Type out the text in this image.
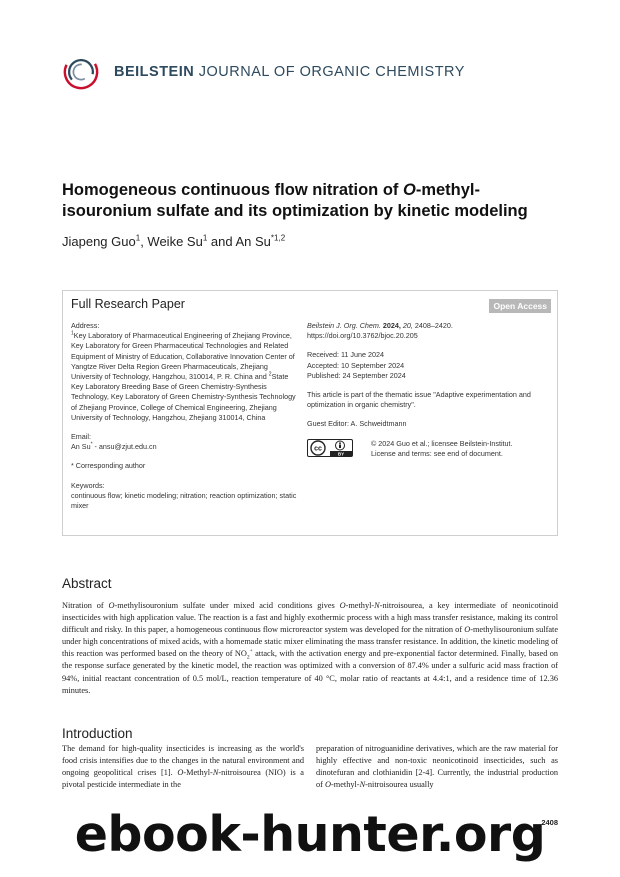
BEILSTEIN JOURNAL OF ORGANIC CHEMISTRY
Homogeneous continuous flow nitration of O-methyl-
isouronium sulfate and its optimization by kinetic modeling
Jiapeng Guo$^1$, Weike Su$^1$ and An Su$^{*1,2}$
Full Research Paper	Open Access

Address:
$^1$Key Laboratory of Pharmaceutical Engineering of Zhejiang Province, Key Laboratory for Green Pharmaceutical Technologies and Related Equipment of Ministry of Education, Collaborative Innovation Center of Yangtze River Delta Region Green Pharmaceuticals, Zhejiang University of Technology, Hangzhou, 310014, P. R. China and $^2$State Key Laboratory Breeding Base of Green Chemistry-Synthesis Technology, Key Laboratory of Green Chemistry-Synthesis Technology of Zhejiang Province, College of Chemical Engineering, Zhejiang University of Technology, Hangzhou, Zhejiang 310014, China

Email:
An Su* - ansu@zjut.edu.cn

* Corresponding author

Keywords:
continuous flow; kinetic modeling; nitration; reaction optimization; static mixer

Beilstein J. Org. Chem. 2024, 20, 2408–2420.
https://doi.org/10.3762/bjoc.20.205

Received: 11 June 2024
Accepted: 10 September 2024
Published: 24 September 2024

This article is part of the thematic issue "Adaptive experimentation and optimization in organic chemistry".

Guest Editor: A. Schweidtmann

cc
BY
© 2024 Guo et al.; licensee Beilstein-Institut.
License and terms: see end of document.
Abstract
Nitration of O-methylisouronium sulfate under mixed acid conditions gives O-methyl-N-nitroisourea, a key intermediate of neonicotinoid insecticides with high application value. The reaction is a fast and highly exothermic process with a high mass transfer resistance, making its control difficult and risky. In this paper, a homogeneous continuous flow microreactor system was developed for the nitration of O-methylisouronium sulfate under high concentrations of mixed acids, with a homemade static mixer eliminating the mass transfer resistance. In addition, the kinetic modeling of this reaction was performed based on the theory of $NO_2^+$ attack, with the activation energy and pre-exponential factor determined. Finally, based on the response surface generated by the kinetic model, the reaction was optimized with a conversion of 87.4% under a sulfuric acid mass fraction of 94%, initial reactant concentration of 0.5 mol/L, reaction temperature of 40 °C, molar ratio of reactants at 4.4:1, and a residence time of 12.36 minutes.
Introduction
The demand for high-quality insecticides is increasing as the world's food crisis intensifies due to the changes in the natural environment and ongoing geopolitical crises [1]. O-Methyl-N-nitroisourea (NIO) is a pivotal pesticide intermediate in the
preparation of nitroguanidine derivatives, which are the raw material for highly effective and non-toxic neonicotinoid insecticides, such as dinotefuran and clothianidin [2-4]. Currently, the industrial production of O-methyl-N-nitroisourea usually
ebook-hunter.org
2408
